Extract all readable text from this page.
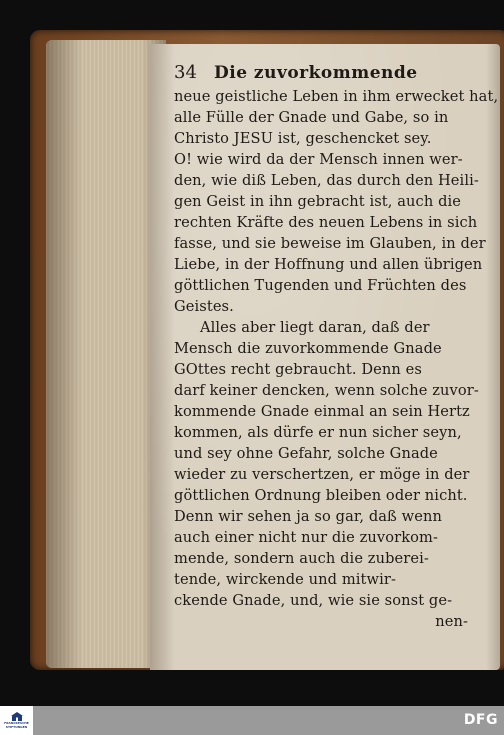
34	Die zuvorkommende
neue geistliche Leben in ihm erwecket hat,
alle Fülle der Gnade und Gabe, so in
Christo JESU ist, geschencket sey.
O! wie wird da der Mensch innen wer-
den, wie diß Leben, das durch den Heili-
gen Geist in ihn gebracht ist, auch die
rechten Kräfte des neuen Lebens in sich
fasse, und sie beweise im Glauben, in der
Liebe, in der Hoffnung und allen übrigen
göttlichen Tugenden und Früchten des
Geistes.
Alles aber liegt daran, daß der
Mensch die zuvorkommende Gnade
GOttes recht gebraucht. Denn es
darf keiner dencken, wenn solche zuvor-
kommende Gnade einmal an sein Hertz
kommen, als dürfe er nun sicher seyn,
und sey ohne Gefahr, solche Gnade
wieder zu verschertzen, er möge in der
göttlichen Ordnung bleiben oder nicht.
Denn wir sehen ja so gar, daß wenn
auch einer nicht nur die zuvorkom-
mende, sondern auch die zuberei-
tende, wirckende und mitwir-
ckende Gnade, und, wie sie sonst ge-
nen-
FRANCKESCHE
STIFTUNGEN	DFG
